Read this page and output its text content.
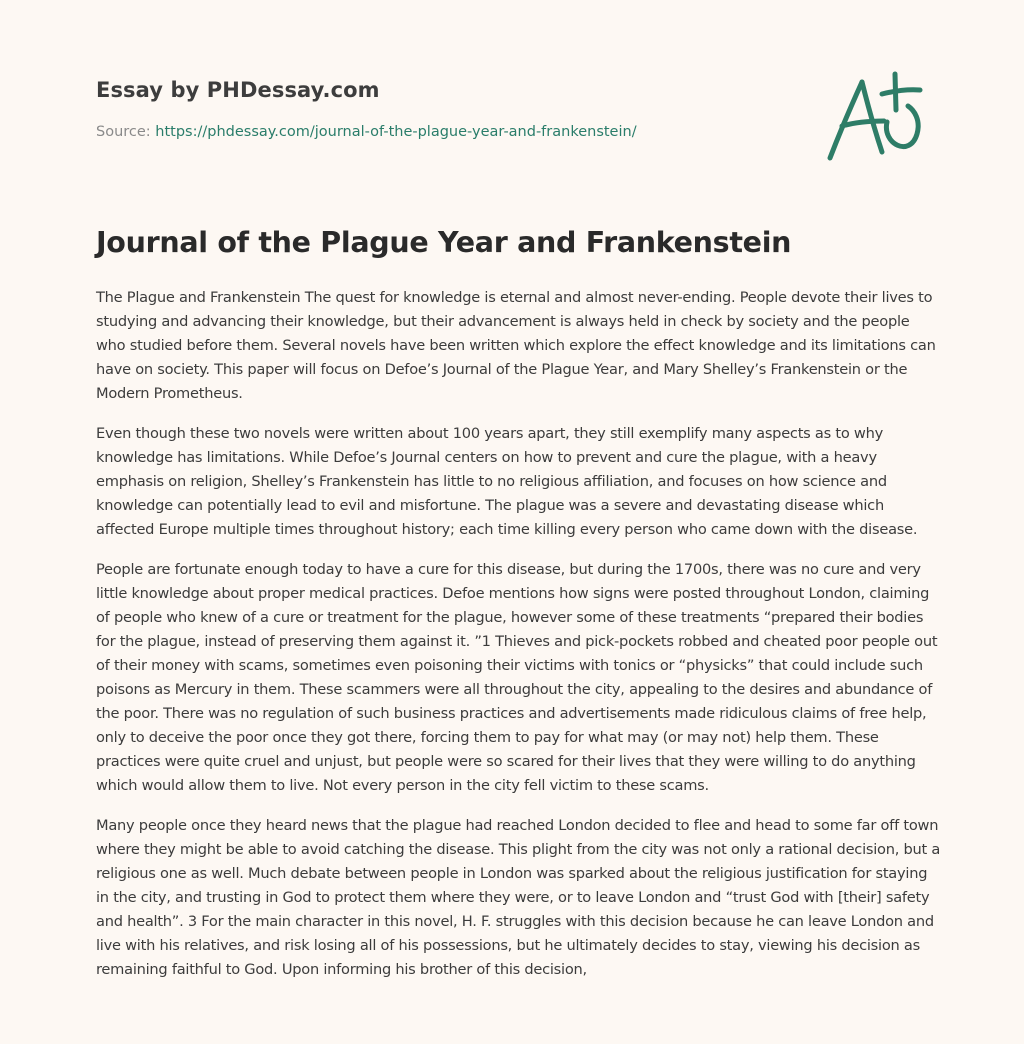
Essay by PHDessay.com
Source: https://phdessay.com/journal-of-the-plague-year-and-frankenstein/
Journal of the Plague Year and Frankenstein

The Plague and Frankenstein The quest for knowledge is eternal and almost never-ending. People devote their lives to studying and advancing their knowledge, but their advancement is always held in check by society and the people who studied before them. Several novels have been written which explore the effect knowledge and its limitations can have on society. This paper will focus on Defoe’s Journal of the Plague Year, and Mary Shelley’s Frankenstein or the Modern Prometheus.

Even though these two novels were written about 100 years apart, they still exemplify many aspects as to why knowledge has limitations. While Defoe’s Journal centers on how to prevent and cure the plague, with a heavy emphasis on religion, Shelley’s Frankenstein has little to no religious affiliation, and focuses on how science and knowledge can potentially lead to evil and misfortune. The plague was a severe and devastating disease which affected Europe multiple times throughout history; each time killing every person who came down with the disease.

People are fortunate enough today to have a cure for this disease, but during the 1700s, there was no cure and very little knowledge about proper medical practices. Defoe mentions how signs were posted throughout London, claiming of people who knew of a cure or treatment for the plague, however some of these treatments “prepared their bodies for the plague, instead of preserving them against it. ”1 Thieves and pick-pockets robbed and cheated poor people out of their money with scams, sometimes even poisoning their victims with tonics or “physicks” that could include such poisons as Mercury in them. These scammers were all throughout the city, appealing to the desires and abundance of the poor. There was no regulation of such business practices and advertisements made ridiculous claims of free help, only to deceive the poor once they got there, forcing them to pay for what may (or may not) help them. These practices were quite cruel and unjust, but people were so scared for their lives that they were willing to do anything which would allow them to live. Not every person in the city fell victim to these scams.

Many people once they heard news that the plague had reached London decided to flee and head to some far off town where they might be able to avoid catching the disease. This plight from the city was not only a rational decision, but a religious one as well. Much debate between people in London was sparked about the religious justification for staying in the city, and trusting in God to protect them where they were, or to leave London and “trust God with [their] safety and health”. 3 For the main character in this novel, H. F. struggles with this decision because he can leave London and live with his relatives, and risk losing all of his possessions, but he ultimately decides to stay, viewing his decision as remaining faithful to God. Upon informing his brother of this decision,
